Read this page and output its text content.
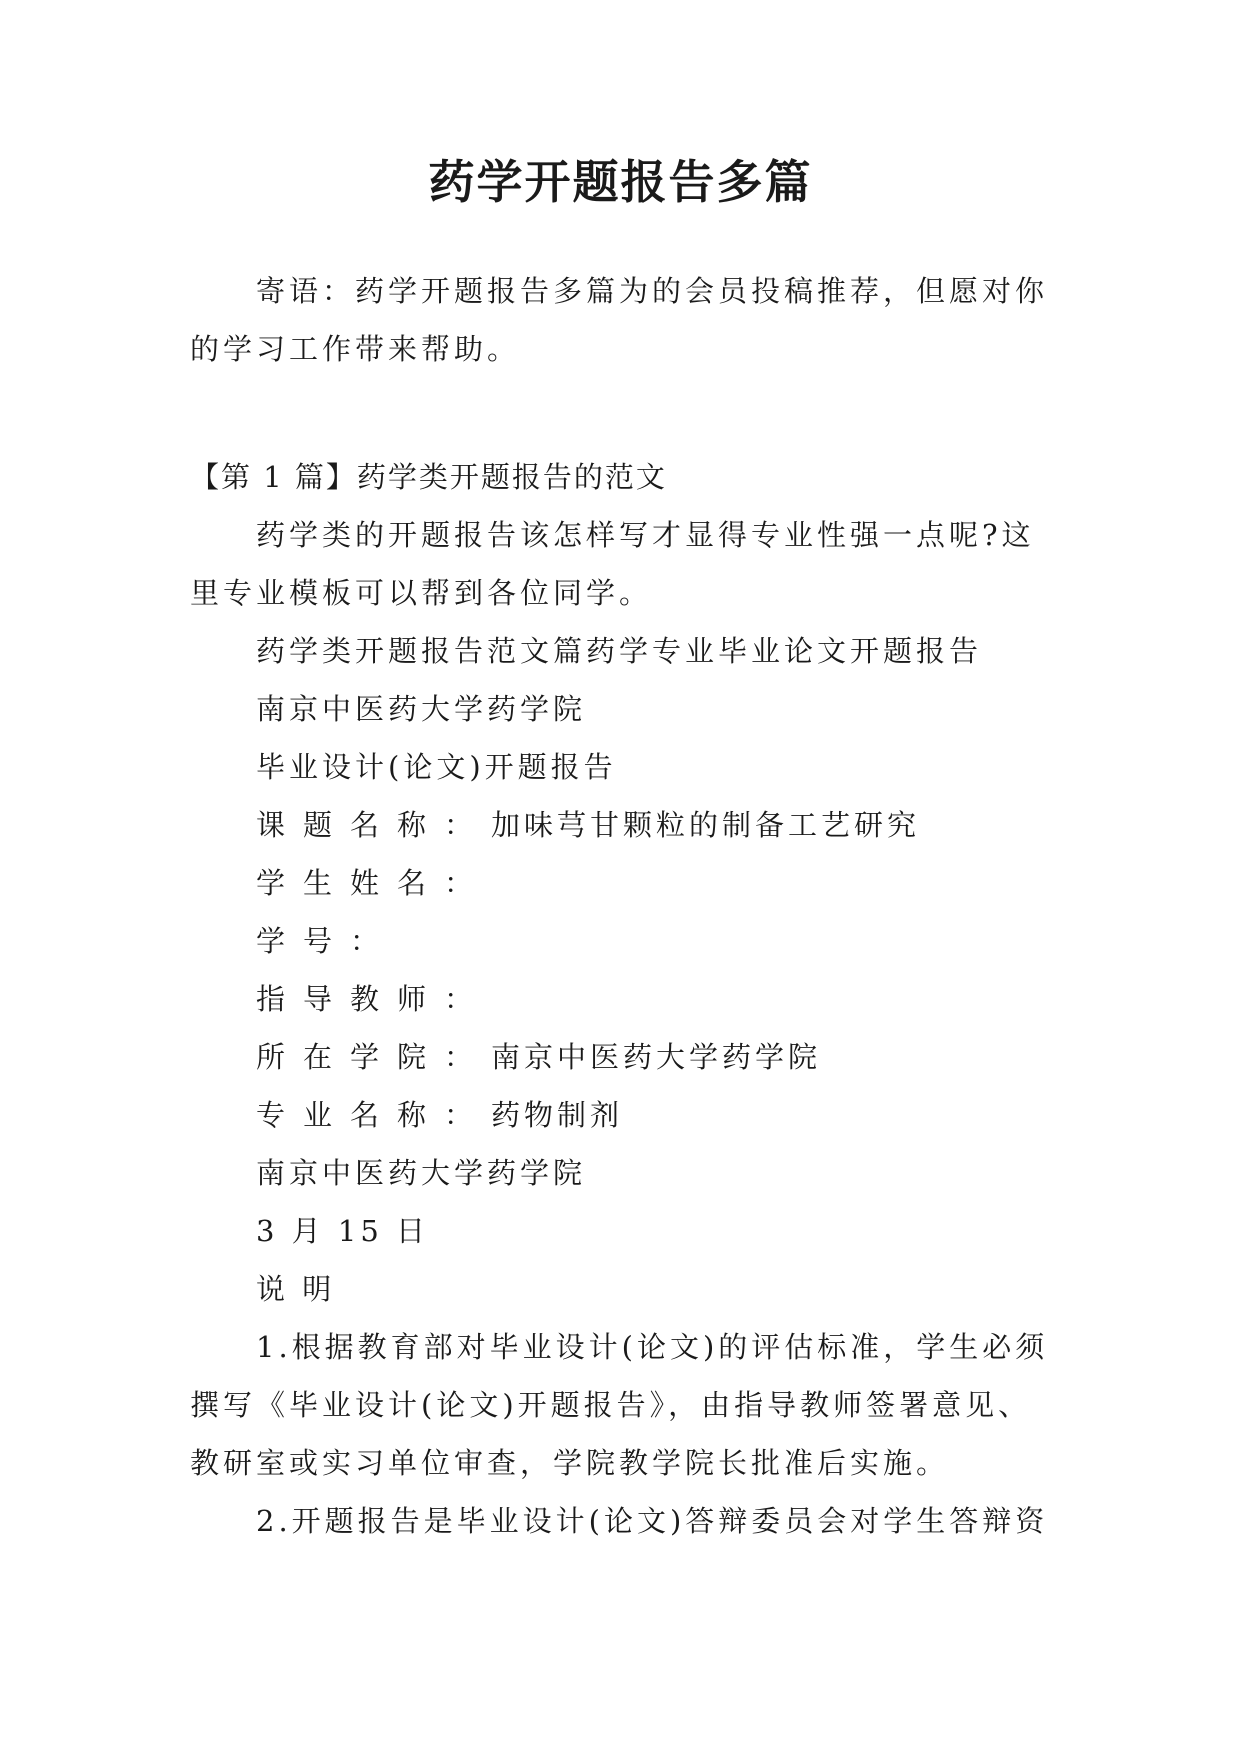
药学开题报告多篇

寄语：药学开题报告多篇为的会员投稿推荐，但愿对你的学习工作带来帮助。

【第 1 篇】药学类开题报告的范文

药学类的开题报告该怎样写才显得专业性强一点呢?这里专业模板可以帮到各位同学。

药学类开题报告范文篇药学专业毕业论文开题报告

南京中医药大学药学院

毕业设计(论文)开题报告

课题名称：加味芎甘颗粒的制备工艺研究

学生姓名：

学号：

指导教师：

所在学院：南京中医药大学药学院

专业名称：药物制剂

南京中医药大学药学院

3 月 15 日

说 明

1.根据教育部对毕业设计(论文)的评估标准，学生必须撰写《毕业设计(论文)开题报告》，由指导教师签署意见、教研室或实习单位审查，学院教学院长批准后实施。

2.开题报告是毕业设计(论文)答辩委员会对学生答辩资
